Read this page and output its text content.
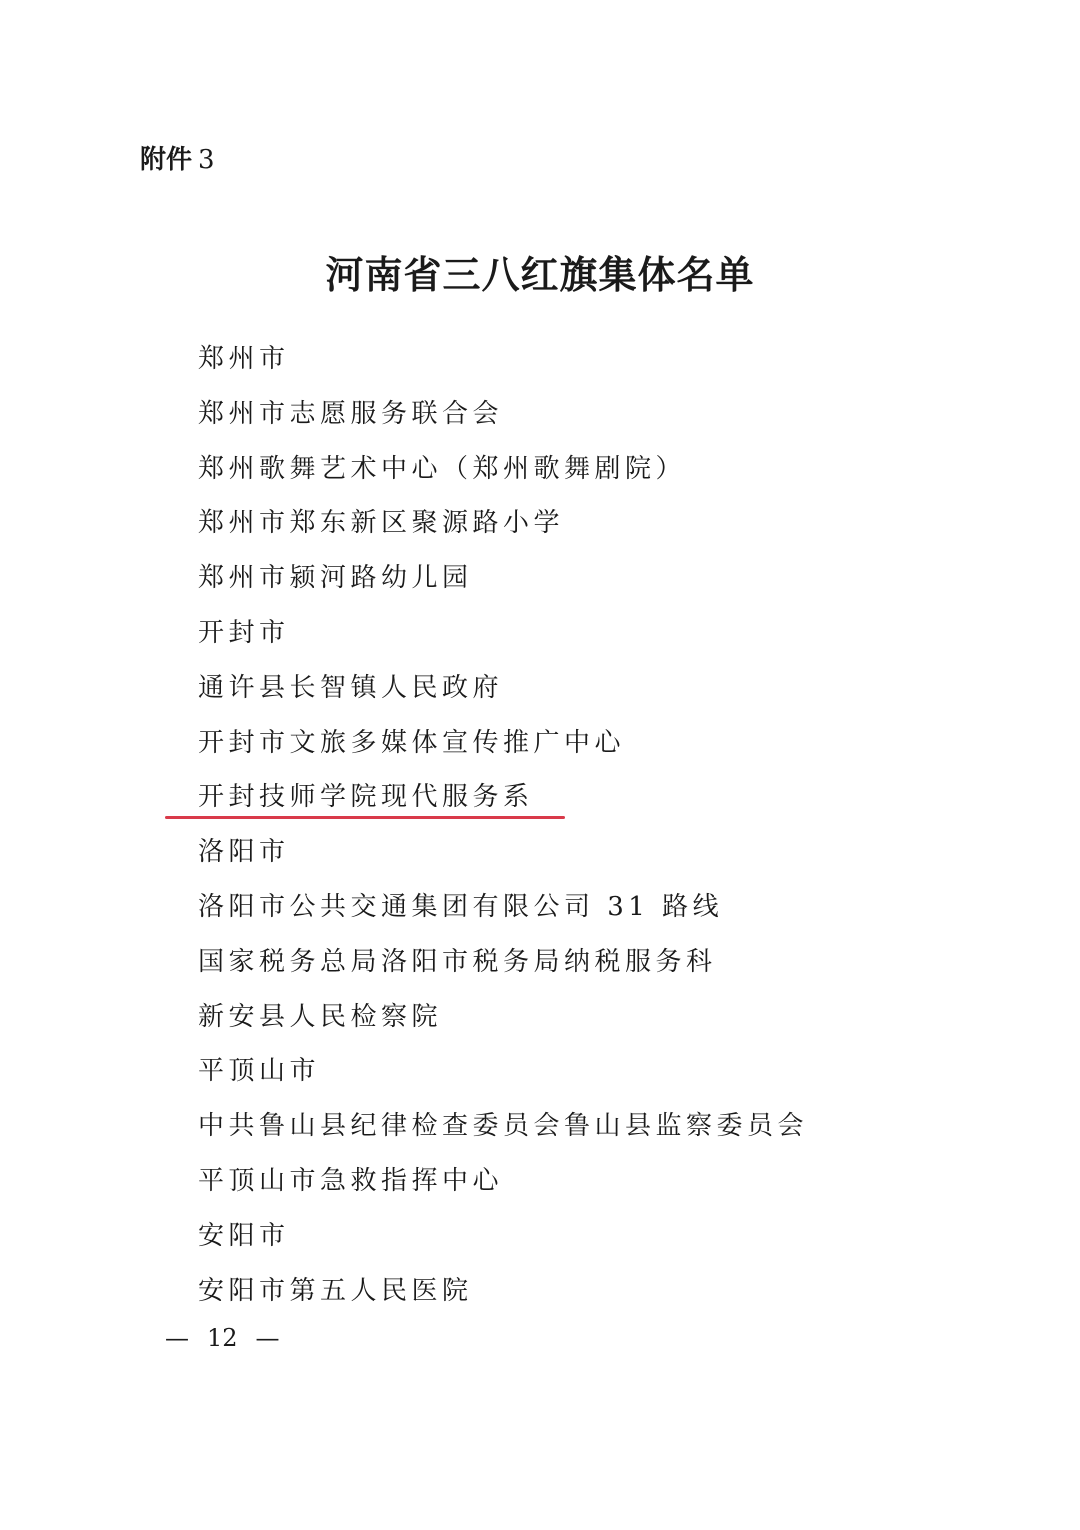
附件 3
河南省三八红旗集体名单
郑州市
郑州市志愿服务联合会
郑州歌舞艺术中心（郑州歌舞剧院）
郑州市郑东新区聚源路小学
郑州市颍河路幼儿园
开封市
通许县长智镇人民政府
开封市文旅多媒体宣传推广中心
开封技师学院现代服务系
洛阳市
洛阳市公共交通集团有限公司 31 路线
国家税务总局洛阳市税务局纳税服务科
新安县人民检察院
平顶山市
中共鲁山县纪律检查委员会鲁山县监察委员会
平顶山市急救指挥中心
安阳市
安阳市第五人民医院
— 12 —
